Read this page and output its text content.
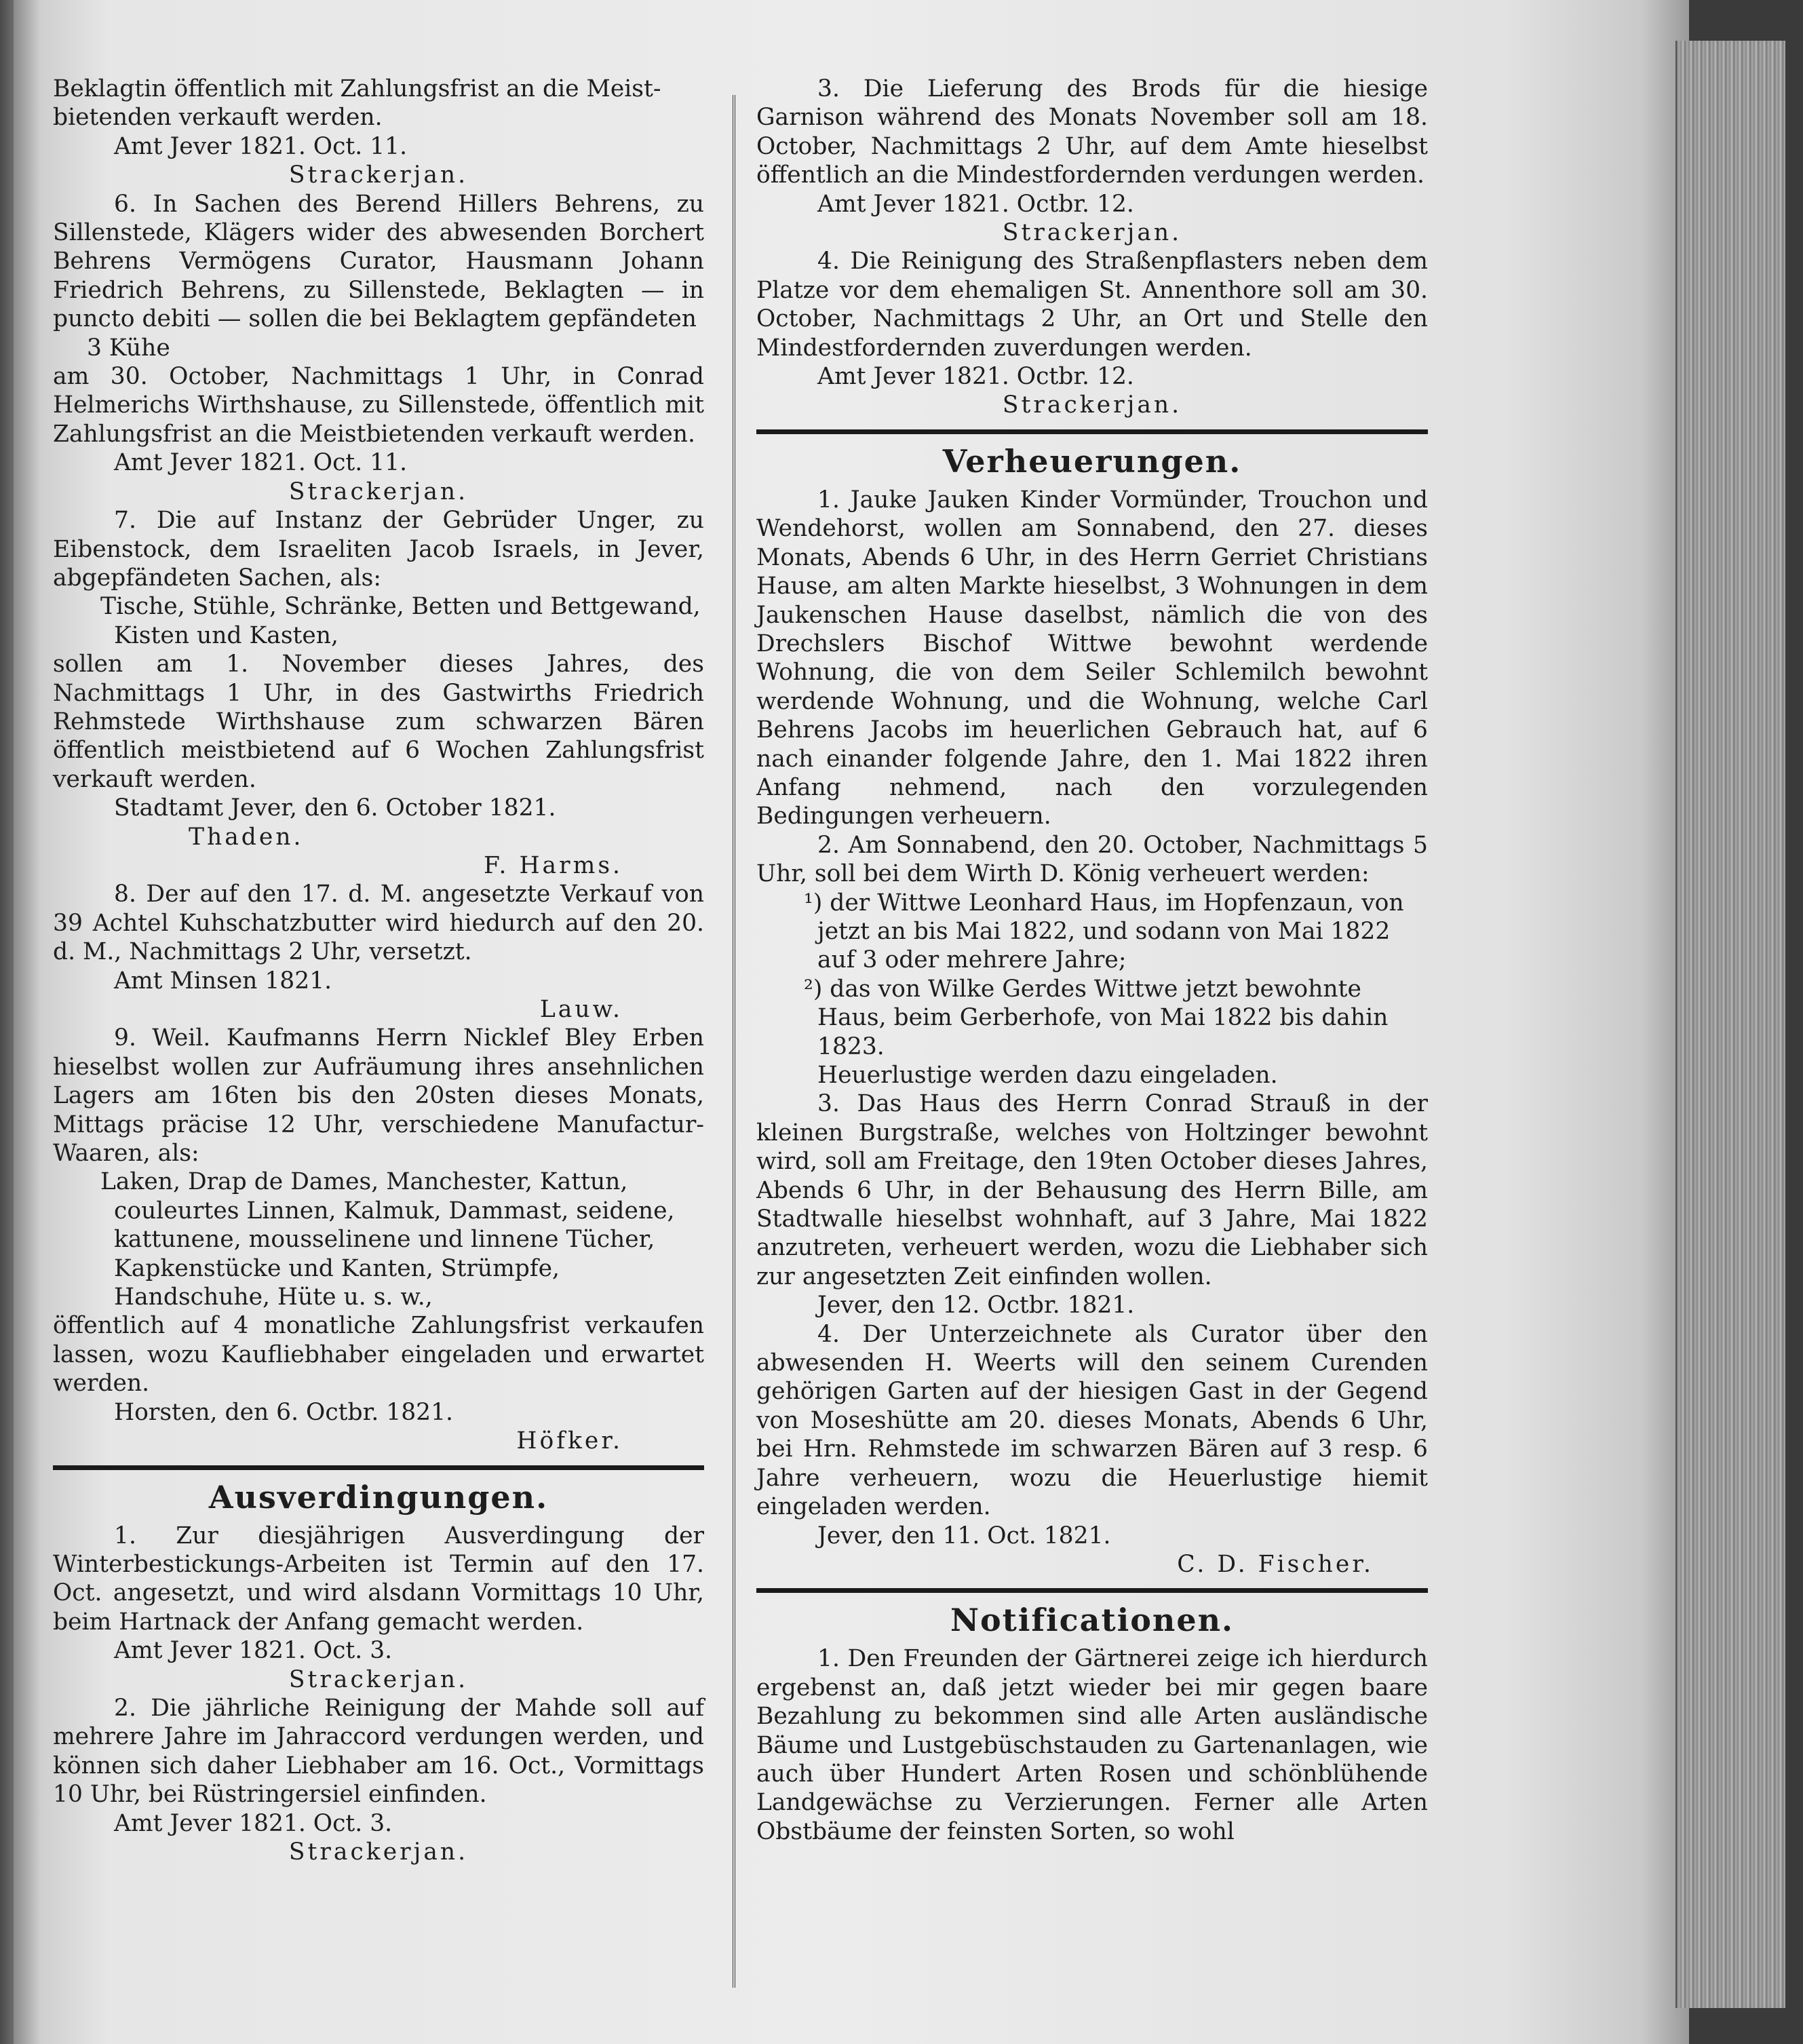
Beklagtin öffentlich mit Zahlungsfrist an die Meist-

bietenden verkauft werden.

Amt Jever 1821. Oct. 11.

Strackerjan.

6. In Sachen des Berend Hillers Behrens, zu Sillenstede, Klägers wider des abwesenden Borchert Behrens Vermögens Curator, Hausmann Johann Friedrich Behrens, zu Sillenstede, Beklagten — in puncto debiti — sollen die bei Beklagtem gepfändeten

3 Kühe

am 30. October, Nachmittags 1 Uhr, in Conrad Helmerichs Wirthshause, zu Sillenstede, öffentlich mit Zahlungsfrist an die Meistbietenden verkauft werden.

Amt Jever 1821. Oct. 11.

Strackerjan.

7. Die auf Instanz der Gebrüder Unger, zu Eibenstock, dem Israeliten Jacob Israels, in Jever, abgepfändeten Sachen, als:

Tische, Stühle, Schränke, Betten und Bettgewand, Kisten und Kasten,

sollen am 1. November dieses Jahres, des Nachmittags 1 Uhr, in des Gastwirths Friedrich Rehmstede Wirthshause zum schwarzen Bären öffentlich meistbietend auf 6 Wochen Zahlungsfrist verkauft werden.

Stadtamt Jever, den 6. October 1821.

Thaden.

F. Harms.

8. Der auf den 17. d. M. angesetzte Verkauf von 39 Achtel Kuhschatzbutter wird hiedurch auf den 20. d. M., Nachmittags 2 Uhr, versetzt.

Amt Minsen 1821.

Lauw.

9. Weil. Kaufmanns Herrn Nicklef Bley Erben hieselbst wollen zur Aufräumung ihres ansehnlichen Lagers am 16ten bis den 20sten dieses Monats, Mittags präcise 12 Uhr, verschiedene Manufactur-Waaren, als:

Laken, Drap de Dames, Manchester, Kattun, couleurtes Linnen, Kalmuk, Dammast, seidene, kattunene, mousselinene und linnene Tücher, Kapkenstücke und Kanten, Strümpfe, Handschuhe, Hüte u. s. w.,

öffentlich auf 4 monatliche Zahlungsfrist verkaufen lassen, wozu Kaufliebhaber eingeladen und erwartet werden.

Horsten, den 6. Octbr. 1821.

Höfker.

Ausverdingungen.

1. Zur diesjährigen Ausverdingung der Winterbestickungs-Arbeiten ist Termin auf den 17. Oct. angesetzt, und wird alsdann Vormittags 10 Uhr, beim Hartnack der Anfang gemacht werden.

Amt Jever 1821. Oct. 3.

Strackerjan.

2. Die jährliche Reinigung der Mahde soll auf mehrere Jahre im Jahraccord verdungen werden, und können sich daher Liebhaber am 16. Oct., Vormittags 10 Uhr, bei Rüstringersiel einfinden.

Amt Jever 1821. Oct. 3.

Strackerjan.

3. Die Lieferung des Brods für die hiesige Garnison während des Monats November soll am 18. October, Nachmittags 2 Uhr, auf dem Amte hieselbst öffentlich an die Mindestfordernden verdungen werden.

Amt Jever 1821. Octbr. 12.

Strackerjan.

4. Die Reinigung des Straßenpflasters neben dem Platze vor dem ehemaligen St. Annenthore soll am 30. October, Nachmittags 2 Uhr, an Ort und Stelle den Mindestfordernden zuverdungen werden.

Amt Jever 1821. Octbr. 12.

Strackerjan.

Verheuerungen.

1. Jauke Jauken Kinder Vormünder, Trouchon und Wendehorst, wollen am Sonnabend, den 27. dieses Monats, Abends 6 Uhr, in des Herrn Gerriet Christians Hause, am alten Markte hieselbst, 3 Wohnungen in dem Jaukenschen Hause daselbst, nämlich die von des Drechslers Bischof Wittwe bewohnt werdende Wohnung, die von dem Seiler Schlemilch bewohnt werdende Wohnung, und die Wohnung, welche Carl Behrens Jacobs im heuerlichen Gebrauch hat, auf 6 nach einander folgende Jahre, den 1. Mai 1822 ihren Anfang nehmend, nach den vorzulegenden Bedingungen verheuern.

2. Am Sonnabend, den 20. October, Nachmittags 5 Uhr, soll bei dem Wirth D. König verheuert werden:

¹) der Wittwe Leonhard Haus, im Hopfenzaun, von jetzt an bis Mai 1822, und sodann von Mai 1822 auf 3 oder mehrere Jahre;

²) das von Wilke Gerdes Wittwe jetzt bewohnte Haus, beim Gerberhofe, von Mai 1822 bis dahin 1823.

Heuerlustige werden dazu eingeladen.

3. Das Haus des Herrn Conrad Strauß in der kleinen Burgstraße, welches von Holtzinger bewohnt wird, soll am Freitage, den 19ten October dieses Jahres, Abends 6 Uhr, in der Behausung des Herrn Bille, am Stadtwalle hieselbst wohnhaft, auf 3 Jahre, Mai 1822 anzutreten, verheuert werden, wozu die Liebhaber sich zur angesetzten Zeit einfinden wollen.

Jever, den 12. Octbr. 1821.

4. Der Unterzeichnete als Curator über den abwesenden H. Weerts will den seinem Curenden gehörigen Garten auf der hiesigen Gast in der Gegend von Moseshütte am 20. dieses Monats, Abends 6 Uhr, bei Hrn. Rehmstede im schwarzen Bären auf 3 resp. 6 Jahre verheuern, wozu die Heuerlustige hiemit eingeladen werden.

Jever, den 11. Oct. 1821.

C. D. Fischer.

Notificationen.

1. Den Freunden der Gärtnerei zeige ich hierdurch ergebenst an, daß jetzt wieder bei mir gegen baare Bezahlung zu bekommen sind alle Arten ausländische Bäume und Lustgebüschstauden zu Gartenanlagen, wie auch über Hundert Arten Rosen und schönblühende Landgewächse zu Verzierungen. Ferner alle Arten Obstbäume der feinsten Sorten, so wohl
